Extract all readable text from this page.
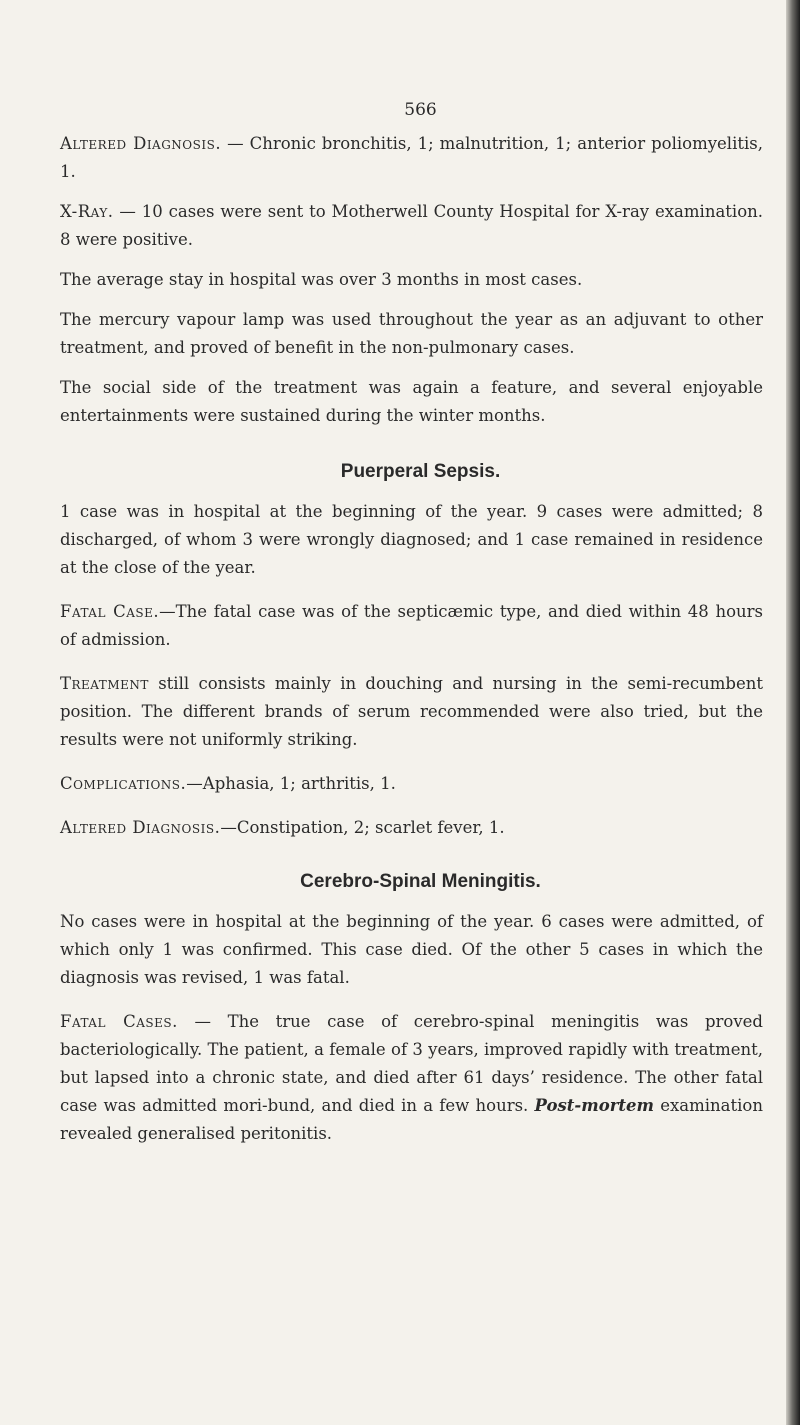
566

Altered Diagnosis. — Chronic bronchitis, 1; malnutrition, 1; anterior poliomyelitis, 1.

X-Ray. — 10 cases were sent to Motherwell County Hospital for X-ray examination. 8 were positive.

The average stay in hospital was over 3 months in most cases.

The mercury vapour lamp was used throughout the year as an adjuvant to other treatment, and proved of benefit in the non-pulmonary cases.

The social side of the treatment was again a feature, and several enjoyable entertainments were sustained during the winter months.

Puerperal Sepsis.

1 case was in hospital at the beginning of the year. 9 cases were admitted; 8 discharged, of whom 3 were wrongly diagnosed; and 1 case remained in residence at the close of the year.

Fatal Case.—The fatal case was of the septicæmic type, and died within 48 hours of admission.

Treatment still consists mainly in douching and nursing in the semi-recumbent position. The different brands of serum recommended were also tried, but the results were not uniformly striking.

Complications.—Aphasia, 1; arthritis, 1.

Altered Diagnosis.—Constipation, 2; scarlet fever, 1.

Cerebro-Spinal Meningitis.

No cases were in hospital at the beginning of the year. 6 cases were admitted, of which only 1 was confirmed. This case died. Of the other 5 cases in which the diagnosis was revised, 1 was fatal.

Fatal Cases. — The true case of cerebro-spinal meningitis was proved bacteriologically. The patient, a female of 3 years, improved rapidly with treatment, but lapsed into a chronic state, and died after 61 days’ residence. The other fatal case was admitted mori-bund, and died in a few hours. Post-mortem examination revealed generalised peritonitis.
